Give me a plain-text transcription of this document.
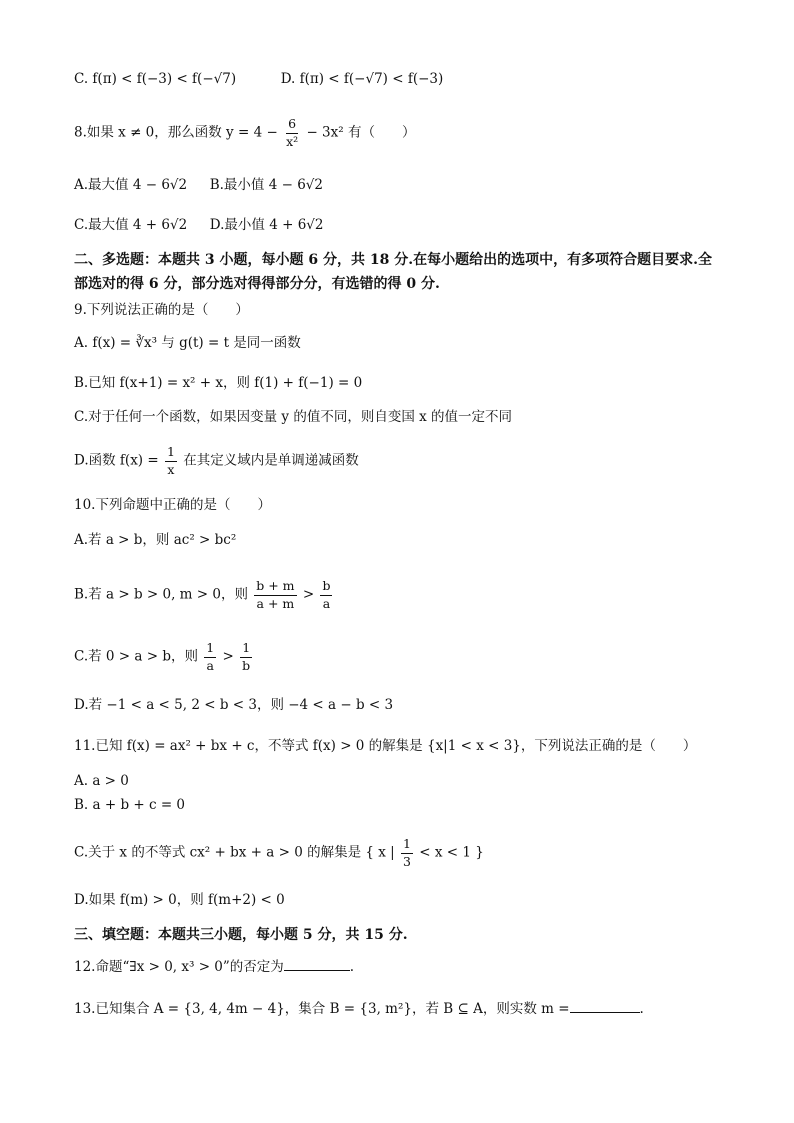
C. f(π) < f(−3) < f(−√7)	D. f(π) < f(−√7) < f(−3)
8.如果 x ≠ 0，那么函数 $y = 4 - \frac{6}{\text{x²}} - 3x^2$ 有（　　）
A.最大值 4 − 6√2 B.最小值 4 − 6√2
C.最大值 4 + 6√2 D.最小值 4 + 6√2
二、多选题：本题共 3 小题，每小题 6 分，共 18 分.在每小题给出的选项中，有多项符合题目要求.全部选对的得 6 分，部分选对得得部分分，有选错的得 0 分.
9.下列说法正确的是（　　）
A. f(x) = ∛x³ 与 g(t) = t 是同一函数
B.已知 f(x+1) = x² + x，则 f(1) + f(−1) = 0
C.对于任何一个函数，如果因变量 y 的值不同，则自变国 x 的值一定不同
D.函数 $f(x) = \frac{1}{x}$ 在其定义域内是单调递减函数
10.下列命题中正确的是（　　）
A.若 a > b，则 ac² > bc²
B.若 a > b > 0, m > 0，则 $\frac{b + m}{a + m} > \frac{b}{a}$
C.若 0 > a > b，则 $\frac{1}{a} > \frac{1}{b}$
D.若 −1 < a < 5, 2 < b < 3，则 −4 < a − b < 3
11.已知 f(x) = ax² + bx + c，不等式 f(x) > 0 的解集是 {x|1 < x < 3}，下列说法正确的是（　　）
A. a > 0
B. a + b + c = 0
C.关于 x 的不等式 cx² + bx + a > 0 的解集是 { x | $\frac{1}{3} < x < 1$ }
D.如果 f(m) > 0，则 f(m+2) < 0
三、填空题：本题共三小题，每小题 5 分，共 15 分.
12.命题“∃x > 0, x³ > 0”的否定为	.
13.已知集合 A = {3, 4, 4m − 4}，集合 B = {3, m²}，若 B ⊆ A，则实数 m =	.
